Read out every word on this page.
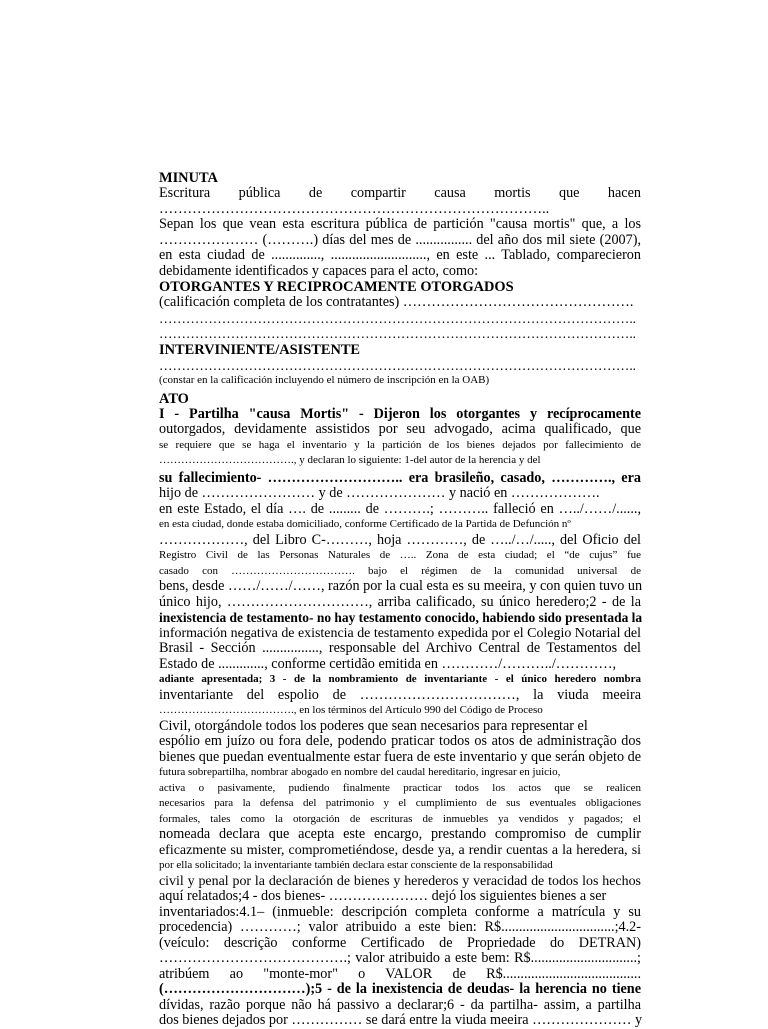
MINUTA
Escritura pública de compartir causa mortis que hacen
………………………………………………………………………..
Sepan los que vean esta escritura pública de partición "causa mortis" que, a los
………………… (……….) días del mes de ................ del año dos mil siete (2007),
en esta ciudad de .............., ..........................., en este ... Tablado, comparecieron
debidamente identificados y capaces para el acto, como:
OTORGANTES Y RECIPROCAMENTE OTORGADOS
(calificación completa de los contratantes) ………………………………………….
……………………………………………………………………………………………..
……………………………………………………………………………………………..
INTERVINIENTE/ASISTENTE
……………………………………………………………………………………………..
(constar en la calificación incluyendo el número de inscripción en la OAB)
ATO
I - Partilha "causa Mortis" - Dijeron los otorgantes y recíprocamente
outorgados, devidamente assistidos por seu advogado, acima qualificado, que
se requiere que se haga el inventario y la partición de los bienes dejados por fallecimiento de
………………………………., y declaran lo siguiente: 1-del autor de la herencia y del
su fallecimiento- ……………………….. era brasileño, casado, …………., era
hijo de …………………… y de ………………… y nació en ……………….
en este Estado, el día …. de ......... de ……….; ……….. falleció en …../……/......,
en esta ciudad, donde estaba domiciliado, conforme Certificado de la Partida de Defunción nº
………………, del Libro C-………, hoja …………, de …../…/....., del Oficio del
Registro Civil de las Personas Naturales de ….. Zona de esta ciudad; el “de cujus” fue
casado con ……………………………. bajo el régimen de la comunidad universal de
bens, desde ……/……/……, razón por la cual esta es su meeira, y con quien tuvo un
único hijo, …………………………, arriba calificado, su único heredero;2 - de la
inexistencia de testamento- no hay testamento conocido, habiendo sido presentada la
información negativa de existencia de testamento expedida por el Colegio Notarial del
Brasil - Sección ................, responsable del Archivo Central de Testamentos del
Estado de ............., conforme certidão emitida en …………/………../…………,
adiante apresentada; 3 - de la nombramiento de inventariante - el único heredero nombra
inventariante del espolio de ……………………………, la viuda meeira
………………………………., en los términos del Artículo 990 del Código de Proceso
Civil, otorgándole todos los poderes que sean necesarios para representar el
espólio em juízo ou fora dele, podendo praticar todos os atos de administração dos
bienes que puedan eventualmente estar fuera de este inventario y que serán objeto de
futura sobrepartilha, nombrar abogado en nombre del caudal hereditario, ingresar en juicio,
activa o pasivamente, pudiendo finalmente practicar todos los actos que se realicen
necesarios para la defensa del patrimonio y el cumplimiento de sus eventuales obligaciones
formales, tales como la otorgación de escrituras de inmuebles ya vendidos y pagados; el
nomeada declara que acepta este encargo, prestando compromiso de cumplir
eficazmente su mister, comprometiéndose, desde ya, a rendir cuentas a la heredera, si
por ella solicitado; la inventariante también declara estar consciente de la responsabilidad
civil y penal por la declaración de bienes y herederos y veracidad de todos los hechos
aquí relatados;4 - dos bienes- ………………… dejó los siguientes bienes a ser
inventariados:4.1– (inmueble: descripción completa conforme a matrícula y su
procedencia) …………; valor atribuido a este bien: R$................................;4.2-
(veículo: descrição conforme Certificado de Propriedade do DETRAN)
………………………………….; valor atribuido a este bem: R$..............................;
atribúem ao "monte-mor" o VALOR de R$.......................................
(…………………………);5 - de la inexistencia de deudas- la herencia no tiene
dívidas, razão porque não há passivo a declarar;6 - da partilha- assim, a partilha
dos bienes dejados por …………… se dará entre la viuda meeira ………………… y
